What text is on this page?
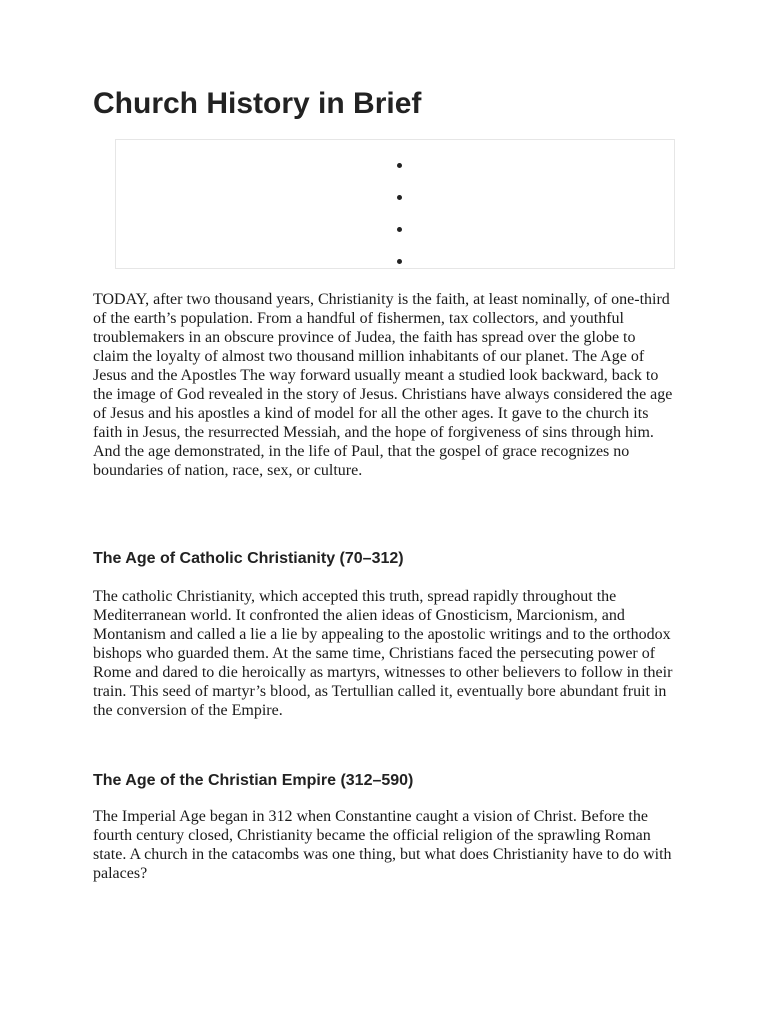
Church History in Brief

TODAY, after two thousand years, Christianity is the faith, at least nominally, of one-third of the earth’s population. From a handful of fishermen, tax collectors, and youthful troublemakers in an obscure province of Judea, the faith has spread over the globe to claim the loyalty of almost two thousand million inhabitants of our planet. The Age of Jesus and the Apostles The way forward usually meant a studied look backward, back to the image of God revealed in the story of Jesus. Christians have always considered the age of Jesus and his apostles a kind of model for all the other ages. It gave to the church its faith in Jesus, the resurrected Messiah, and the hope of forgiveness of sins through him. And the age demonstrated, in the life of Paul, that the gospel of grace recognizes no boundaries of nation, race, sex, or culture.

The Age of Catholic Christianity (70–312)

The catholic Christianity, which accepted this truth, spread rapidly throughout the Mediterranean world. It confronted the alien ideas of Gnosticism, Marcionism, and Montanism and called a lie a lie by appealing to the apostolic writings and to the orthodox bishops who guarded them. At the same time, Christians faced the persecuting power of Rome and dared to die heroically as martyrs, witnesses to other believers to follow in their train. This seed of martyr’s blood, as Tertullian called it, eventually bore abundant fruit in the conversion of the Empire.

The Age of the Christian Empire (312–590)

The Imperial Age began in 312 when Constantine caught a vision of Christ. Before the fourth century closed, Christianity became the official religion of the sprawling Roman state. A church in the catacombs was one thing, but what does Christianity have to do with palaces?
